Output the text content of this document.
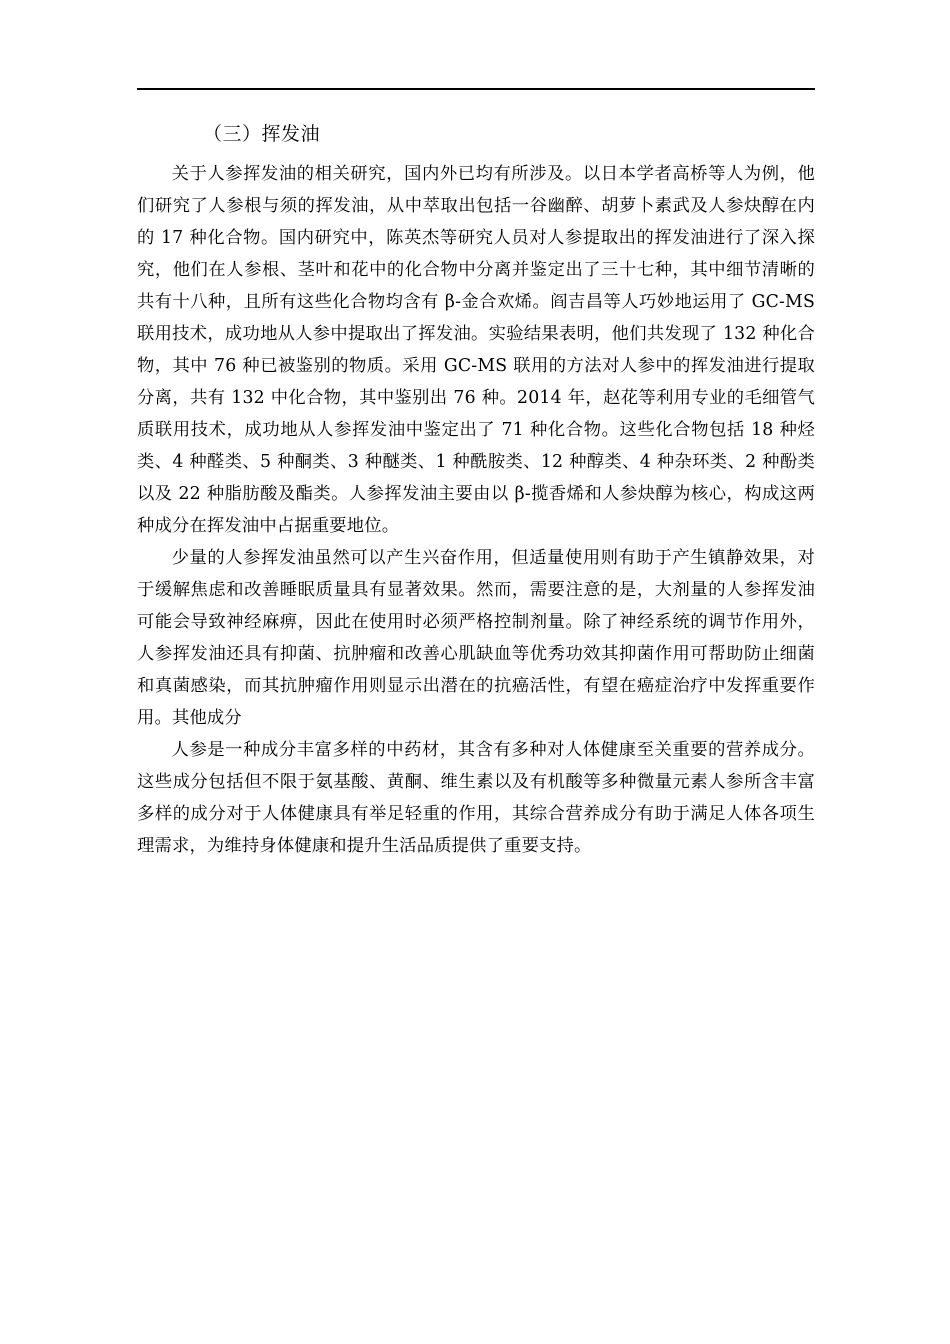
（三）挥发油

关于人参挥发油的相关研究，国内外已均有所涉及。以日本学者高桥等人为例，他们研究了人参根与须的挥发油，从中萃取出包括一谷幽醉、胡萝卜素武及人参炔醇在内的 17 种化合物。国内研究中，陈英杰等研究人员对人参提取出的挥发油进行了深入探究，他们在人参根、茎叶和花中的化合物中分离并鉴定出了三十七种，其中细节清晰的共有十八种，且所有这些化合物均含有 β-金合欢烯。阎吉昌等人巧妙地运用了 GC-MS 联用技术，成功地从人参中提取出了挥发油。实验结果表明，他们共发现了 132 种化合物，其中 76 种已被鉴别的物质。采用 GC-MS 联用的方法对人参中的挥发油进行提取分离，共有 132 中化合物，其中鉴别出 76 种。2014 年，赵花等利用专业的毛细管气质联用技术，成功地从人参挥发油中鉴定出了 71 种化合物。这些化合物包括 18 种烃类、4 种醛类、5 种酮类、3 种醚类、1 种酰胺类、12 种醇类、4 种杂环类、2 种酚类以及 22 种脂肪酸及酯类。人参挥发油主要由以 β-揽香烯和人参炔醇为核心，构成这两种成分在挥发油中占据重要地位。

少量的人参挥发油虽然可以产生兴奋作用，但适量使用则有助于产生镇静效果，对于缓解焦虑和改善睡眠质量具有显著效果。然而，需要注意的是，大剂量的人参挥发油可能会导致神经麻痹，因此在使用时必须严格控制剂量。除了神经系统的调节作用外，人参挥发油还具有抑菌、抗肿瘤和改善心肌缺血等优秀功效其抑菌作用可帮助防止细菌和真菌感染，而其抗肿瘤作用则显示出潜在的抗癌活性，有望在癌症治疗中发挥重要作用。其他成分

人参是一种成分丰富多样的中药材，其含有多种对人体健康至关重要的营养成分。这些成分包括但不限于氨基酸、黄酮、维生素以及有机酸等多种微量元素人参所含丰富多样的成分对于人体健康具有举足轻重的作用，其综合营养成分有助于满足人体各项生理需求，为维持身体健康和提升生活品质提供了重要支持。
